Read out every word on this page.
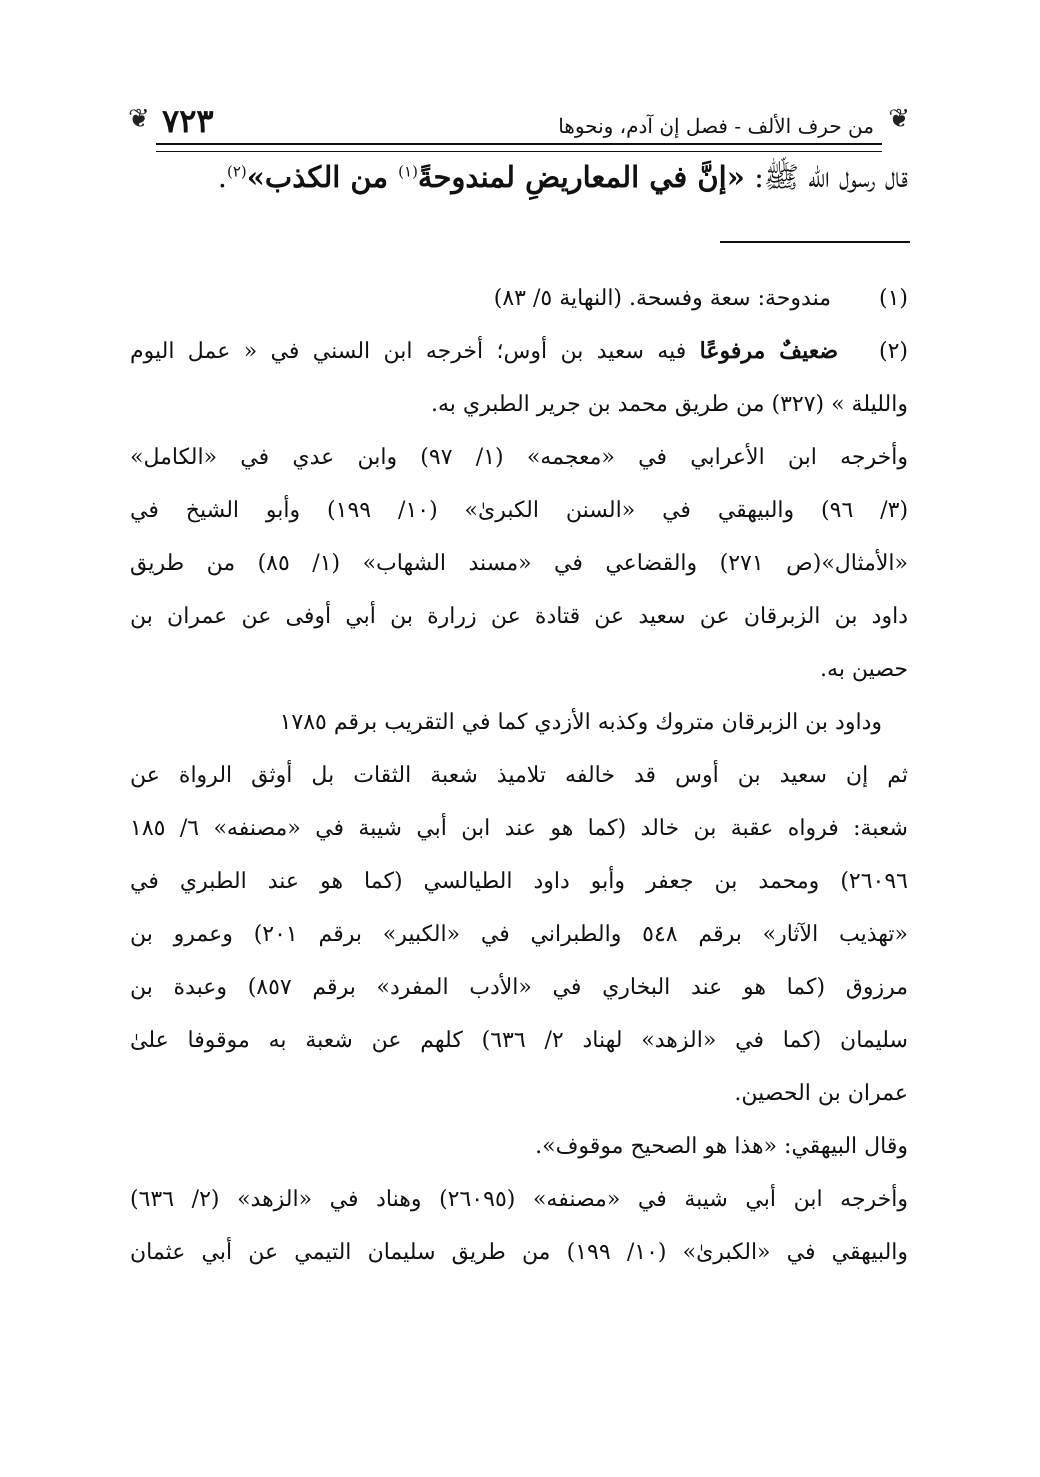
❦
من حرف الألف - فصل إن آدم، ونحوها
٧٢٣
❦
قال رسول الله ﷺ: «إنَّ في المعاريضِ لمندوحةً$^{(١)}$ من الكذب»$^{(٢)}$.
(١) مندوحة: سعة وفسحة. (النهاية ٥/ ٨٣)
(٢)ضعيفٌ مرفوعًا فيه سعيد بن أوس؛ أخرجه ابن السني في « عمل اليوم
والليلة » (٣٢٧) من طريق محمد بن جرير الطبري به.
وأخرجه ابن الأعرابي في «معجمه» (١/ ٩٧) وابن عدي في «الكامل»
(٣/ ٩٦) والبيهقي في «السنن الكبرىٰ» (١٠/ ١٩٩) وأبو الشيخ في
«الأمثال»(ص ٢٧١) والقضاعي في «مسند الشهاب» (١/ ٨٥) من طريق
داود بن الزبرقان عن سعيد عن قتادة عن زرارة بن أبي أوفى عن عمران بن
حصين به.
وداود بن الزبرقان متروك وكذبه الأزدي كما في التقريب برقم ١٧٨٥
ثم إن سعيد بن أوس قد خالفه تلاميذ شعبة الثقات بل أوثق الرواة عن
شعبة: فرواه عقبة بن خالد (كما هو عند ابن أبي شيبة في «مصنفه» ٦/ ١٨٥
٢٦٠٩٦) ومحمد بن جعفر وأبو داود الطيالسي (كما هو عند الطبري في
«تهذيب الآثار» برقم ٥٤٨ والطبراني في «الكبير» برقم ٢٠١) وعمرو بن
مرزوق (كما هو عند البخاري في «الأدب المفرد» برقم ٨٥٧) وعبدة بن
سليمان (كما في «الزهد» لهناد ٢/ ٦٣٦) كلهم عن شعبة به موقوفا علىٰ
عمران بن الحصين.
وقال البيهقي: «هذا هو الصحيح موقوف».
وأخرجه ابن أبي شيبة في «مصنفه» (٢٦٠٩٥) وهناد في «الزهد» (٢/ ٦٣٦)
والبيهقي في «الكبرىٰ» (١٠/ ١٩٩) من طريق سليمان التيمي عن أبي عثمان
